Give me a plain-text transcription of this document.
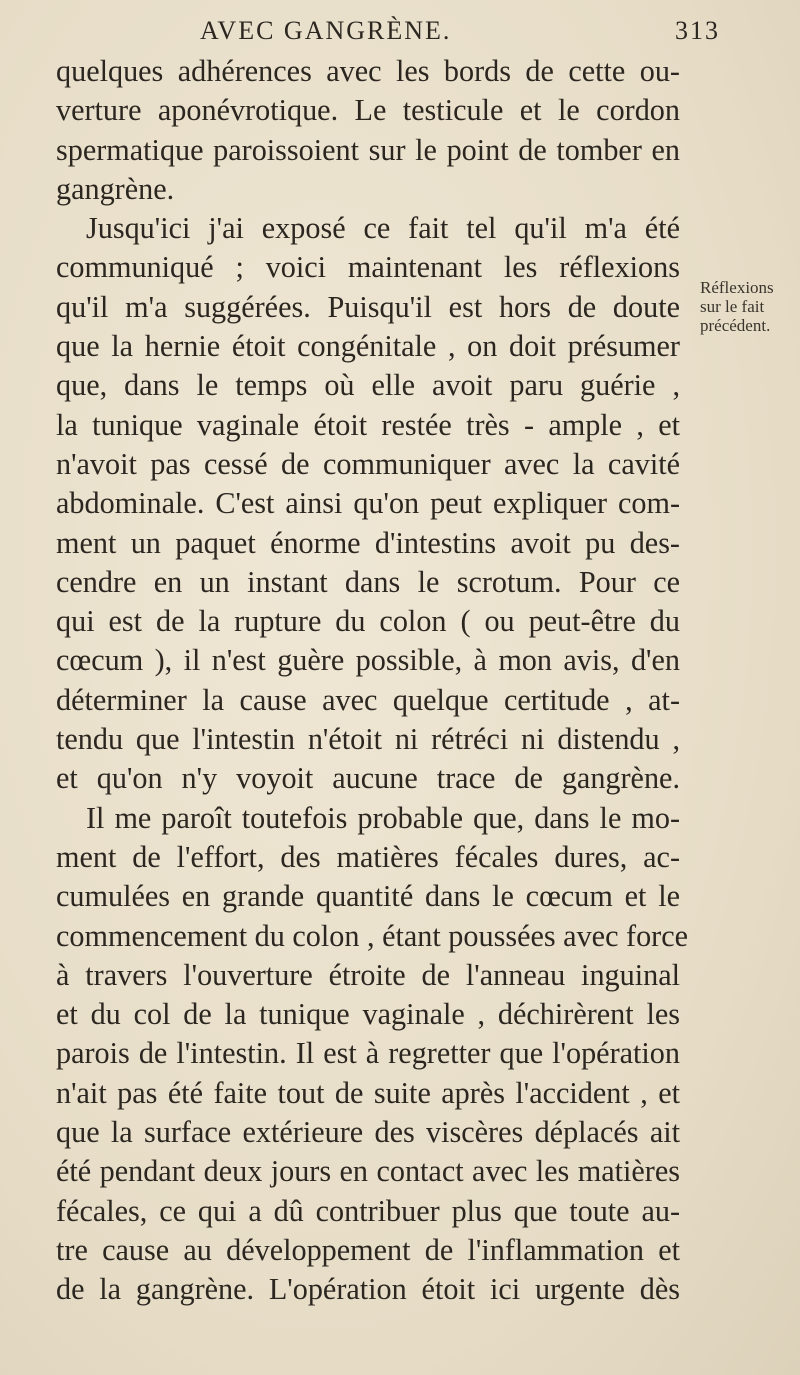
AVEC GANGRÈNE.	313
quelques adhérences avec les bords de cette ou-
verture aponévrotique. Le testicule et le cordon
spermatique paroissoient sur le point de tomber en
gangrène.
Jusqu'ici j'ai exposé ce fait tel qu'il m'a été
communiqué ; voici maintenant les réflexions
qu'il m'a suggérées. Puisqu'il est hors de doute
que la hernie étoit congénitale , on doit présumer
que, dans le temps où elle avoit paru guérie ,
la tunique vaginale étoit restée très - ample , et
n'avoit pas cessé de communiquer avec la cavité
abdominale. C'est ainsi qu'on peut expliquer com-
ment un paquet énorme d'intestins avoit pu des-
cendre en un instant dans le scrotum. Pour ce
qui est de la rupture du colon ( ou peut-être du
cœcum ), il n'est guère possible, à mon avis, d'en
déterminer la cause avec quelque certitude , at-
tendu que l'intestin n'étoit ni rétréci ni distendu ,
et qu'on n'y voyoit aucune trace de gangrène.
Il me paroît toutefois probable que, dans le mo-
ment de l'effort, des matières fécales dures, ac-
cumulées en grande quantité dans le cœcum et le
commencement du colon , étant poussées avec force
à travers l'ouverture étroite de l'anneau inguinal
et du col de la tunique vaginale , déchirèrent les
parois de l'intestin. Il est à regretter que l'opération
n'ait pas été faite tout de suite après l'accident , et
que la surface extérieure des viscères déplacés ait
été pendant deux jours en contact avec les matières
fécales, ce qui a dû contribuer plus que toute au-
tre cause au développement de l'inflammation et
de la gangrène. L'opération étoit ici urgente dès
Réflexions
sur le fait
précédent.
